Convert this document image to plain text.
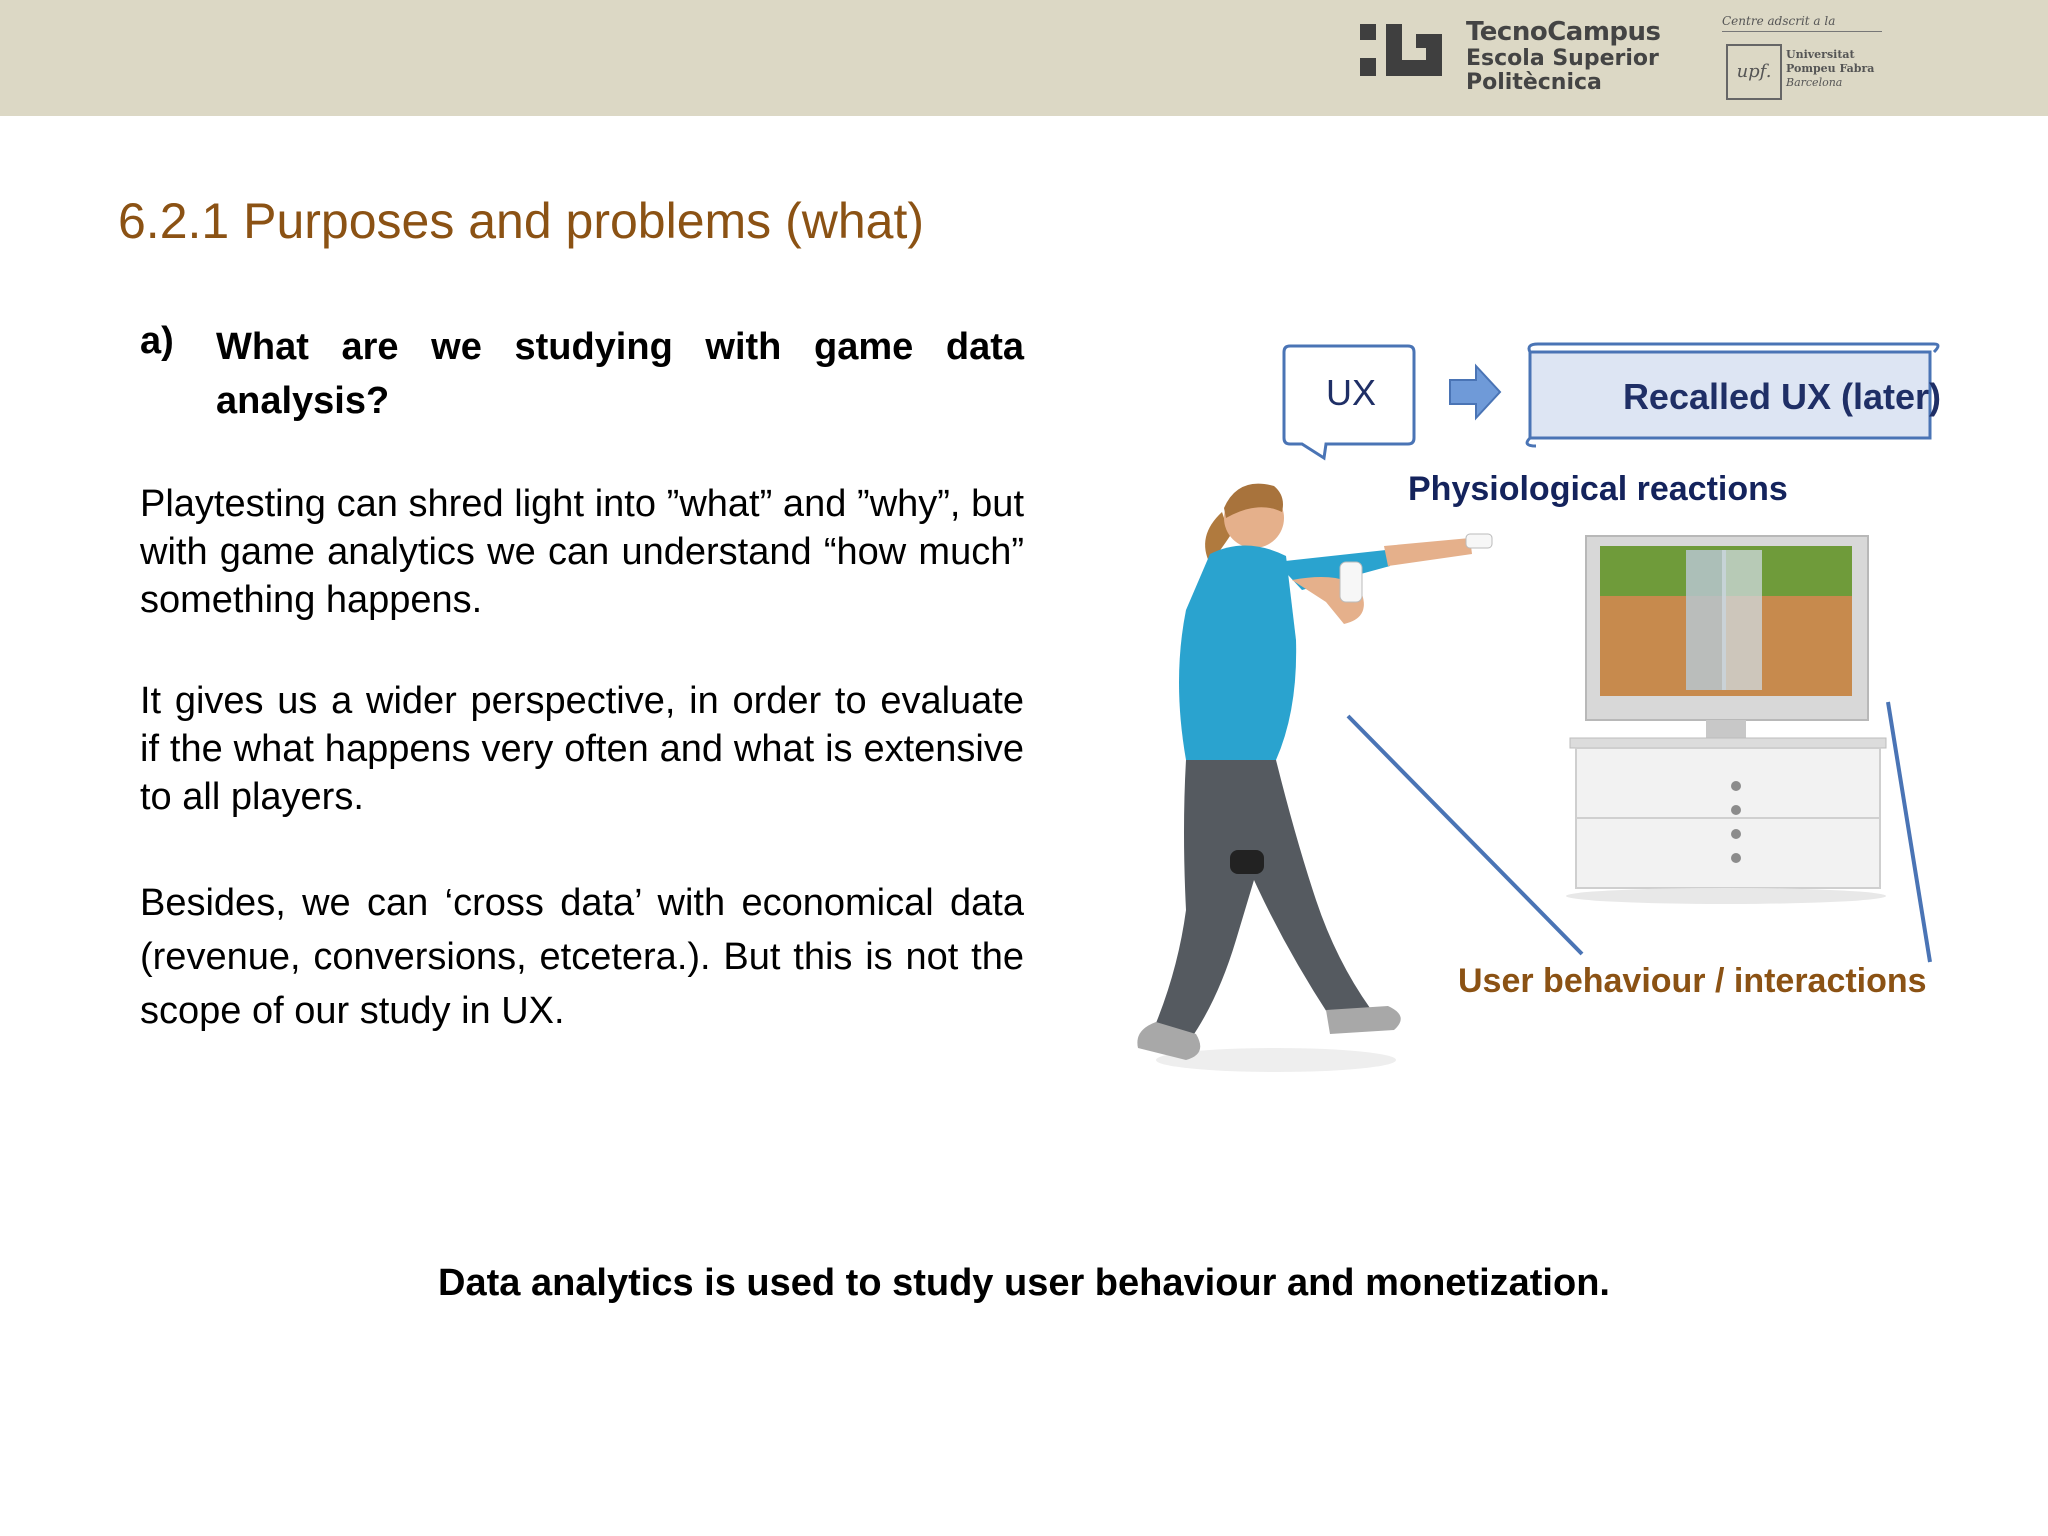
TecnoCampus
Escola Superior
Politècnica
Centre adscrit a la
upf.
Universitat
Pompeu Fabra
Barcelona
6.2.1 Purposes and problems (what)
a) What are we studying with game data analysis?

Playtesting can shred light into ”what” and ”why”, but with game analytics we can understand “how much” something happens.

It gives us a wider perspective, in order to evaluate if the what happens very often and what is extensive to all players.

Besides, we can ‘cross data’ with economical data (revenue, conversions, etcetera.). But this is not the scope of our study in UX.

Data analytics is used to study user behaviour and monetization.
UX	Recalled UX (later)
Physiological reactions
User behaviour / interactions
